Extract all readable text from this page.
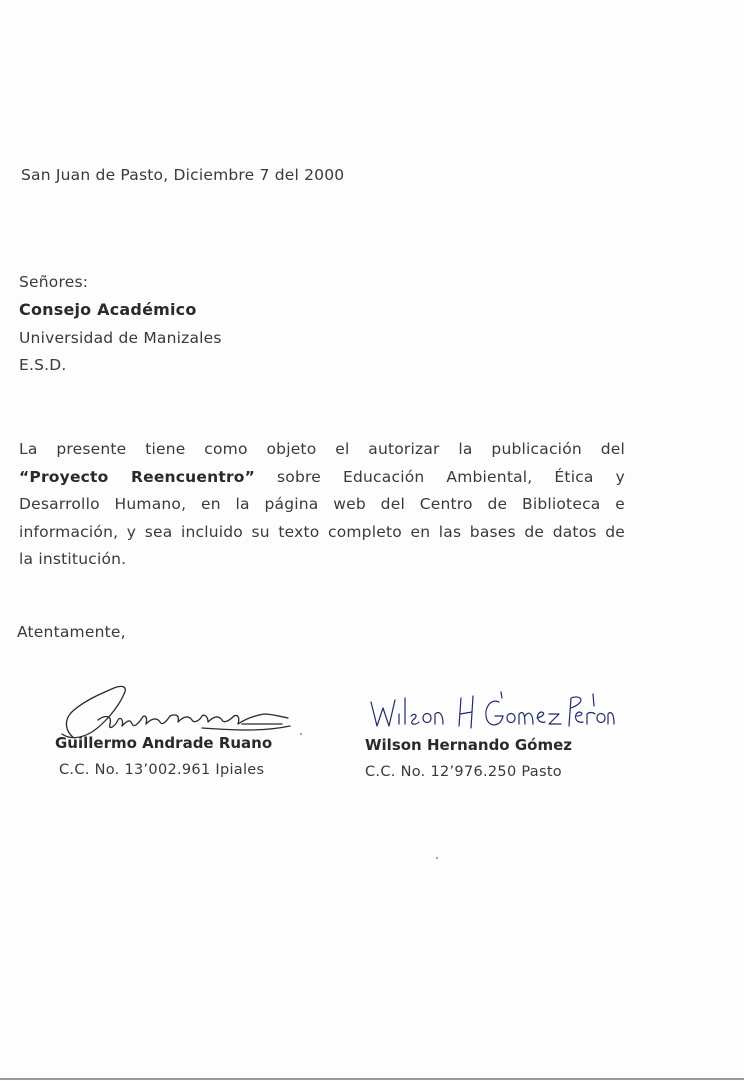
San Juan de Pasto, Diciembre 7 del 2000
Señores:
Consejo Académico
Universidad de Manizales
E.S.D.
La presente tiene como objeto el autorizar la publicación del
“Proyecto Reencuentro” sobre Educación Ambiental, Ética y
Desarrollo Humano, en la página web del Centro de Biblioteca e
información, y sea incluido su texto completo en las bases de datos de
la institución.
Atentamente,
Guillermo Andrade Ruano
C.C. No. 13’002.961 Ipiales
Wilson Hernando Gómez
C.C. No. 12’976.250 Pasto
